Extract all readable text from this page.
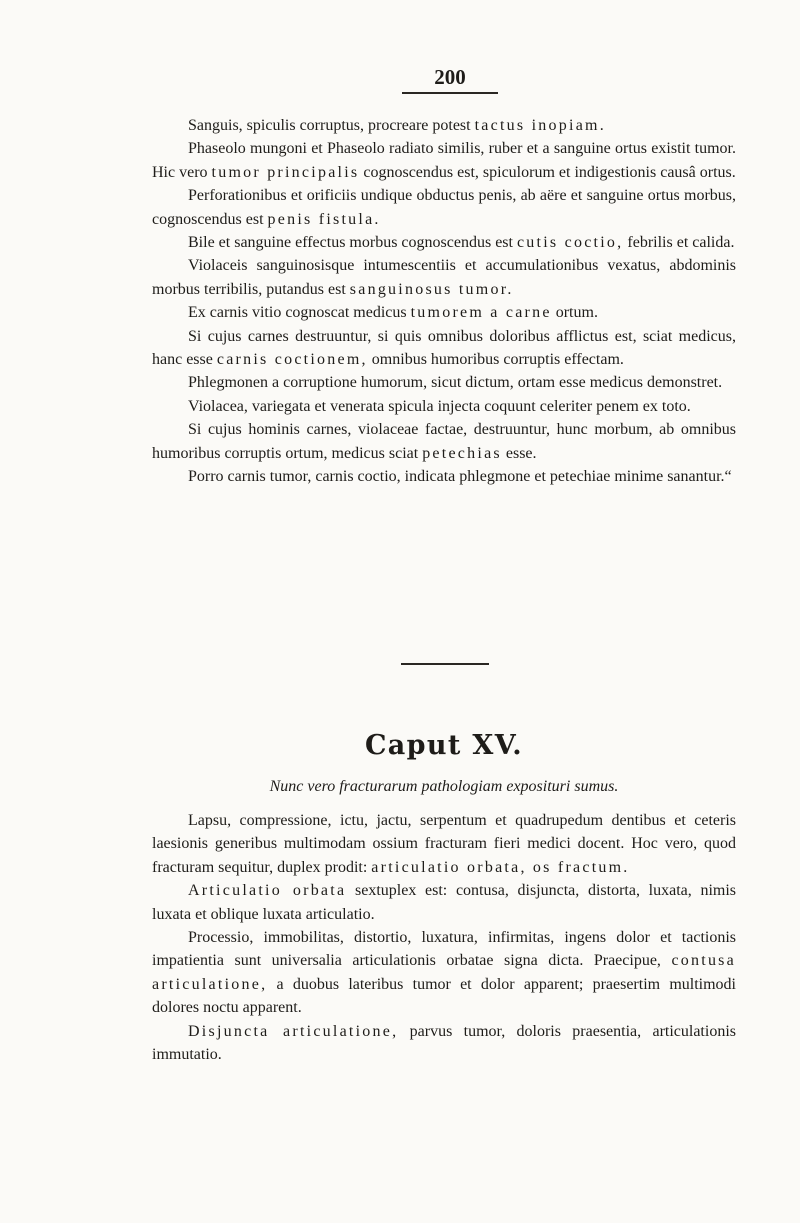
200

Sanguis, spiculis corruptus, procreare potest tactus inopiam.

Phaseolo mungoni et Phaseolo radiato similis, ruber et a sanguine ortus existit tumor. Hic vero tumor principalis cognoscendus est, spiculorum et indigestionis causâ ortus.

Perforationibus et orificiis undique obductus penis, ab aëre et sanguine ortus morbus, cognoscendus est penis fistula.

Bile et sanguine effectus morbus cognoscendus est cutis coctio, febrilis et calida.

Violaceis sanguinosisque intumescentiis et accumulationibus vexatus, abdominis morbus terribilis, putandus est sanguinosus tumor.

Ex carnis vitio cognoscat medicus tumorem a carne ortum.

Si cujus carnes destruuntur, si quis omnibus doloribus afflictus est, sciat medicus, hanc esse carnis coctionem, omnibus humoribus corruptis effectam.

Phlegmonen a corruptione humorum, sicut dictum, ortam esse medicus demonstret.

Violacea, variegata et venerata spicula injecta coquunt celeriter penem ex toto.

Si cujus hominis carnes, violaceae factae, destruuntur, hunc morbum, ab omnibus humoribus corruptis ortum, medicus sciat petechias esse.

Porro carnis tumor, carnis coctio, indicata phlegmone et petechiae minime sanantur.“

Caput XV.
Nunc vero fracturarum pathologiam exposituri sumus.

Lapsu, compressione, ictu, jactu, serpentum et quadrupedum dentibus et ceteris laesionis generibus multimodam ossium fracturam fieri medici docent. Hoc vero, quod fracturam sequitur, duplex prodit: articulatio orbata, os fractum.

Articulatio orbata sextuplex est: contusa, disjuncta, distorta, luxata, nimis luxata et oblique luxata articulatio.

Processio, immobilitas, distortio, luxatura, infirmitas, ingens dolor et tactionis impatientia sunt universalia articulationis orbatae signa dicta. Praecipue, contusa articulatione, a duobus lateribus tumor et dolor apparent; praesertim multimodi dolores noctu apparent.

Disjuncta articulatione, parvus tumor, doloris praesentia, articulationis immutatio.
